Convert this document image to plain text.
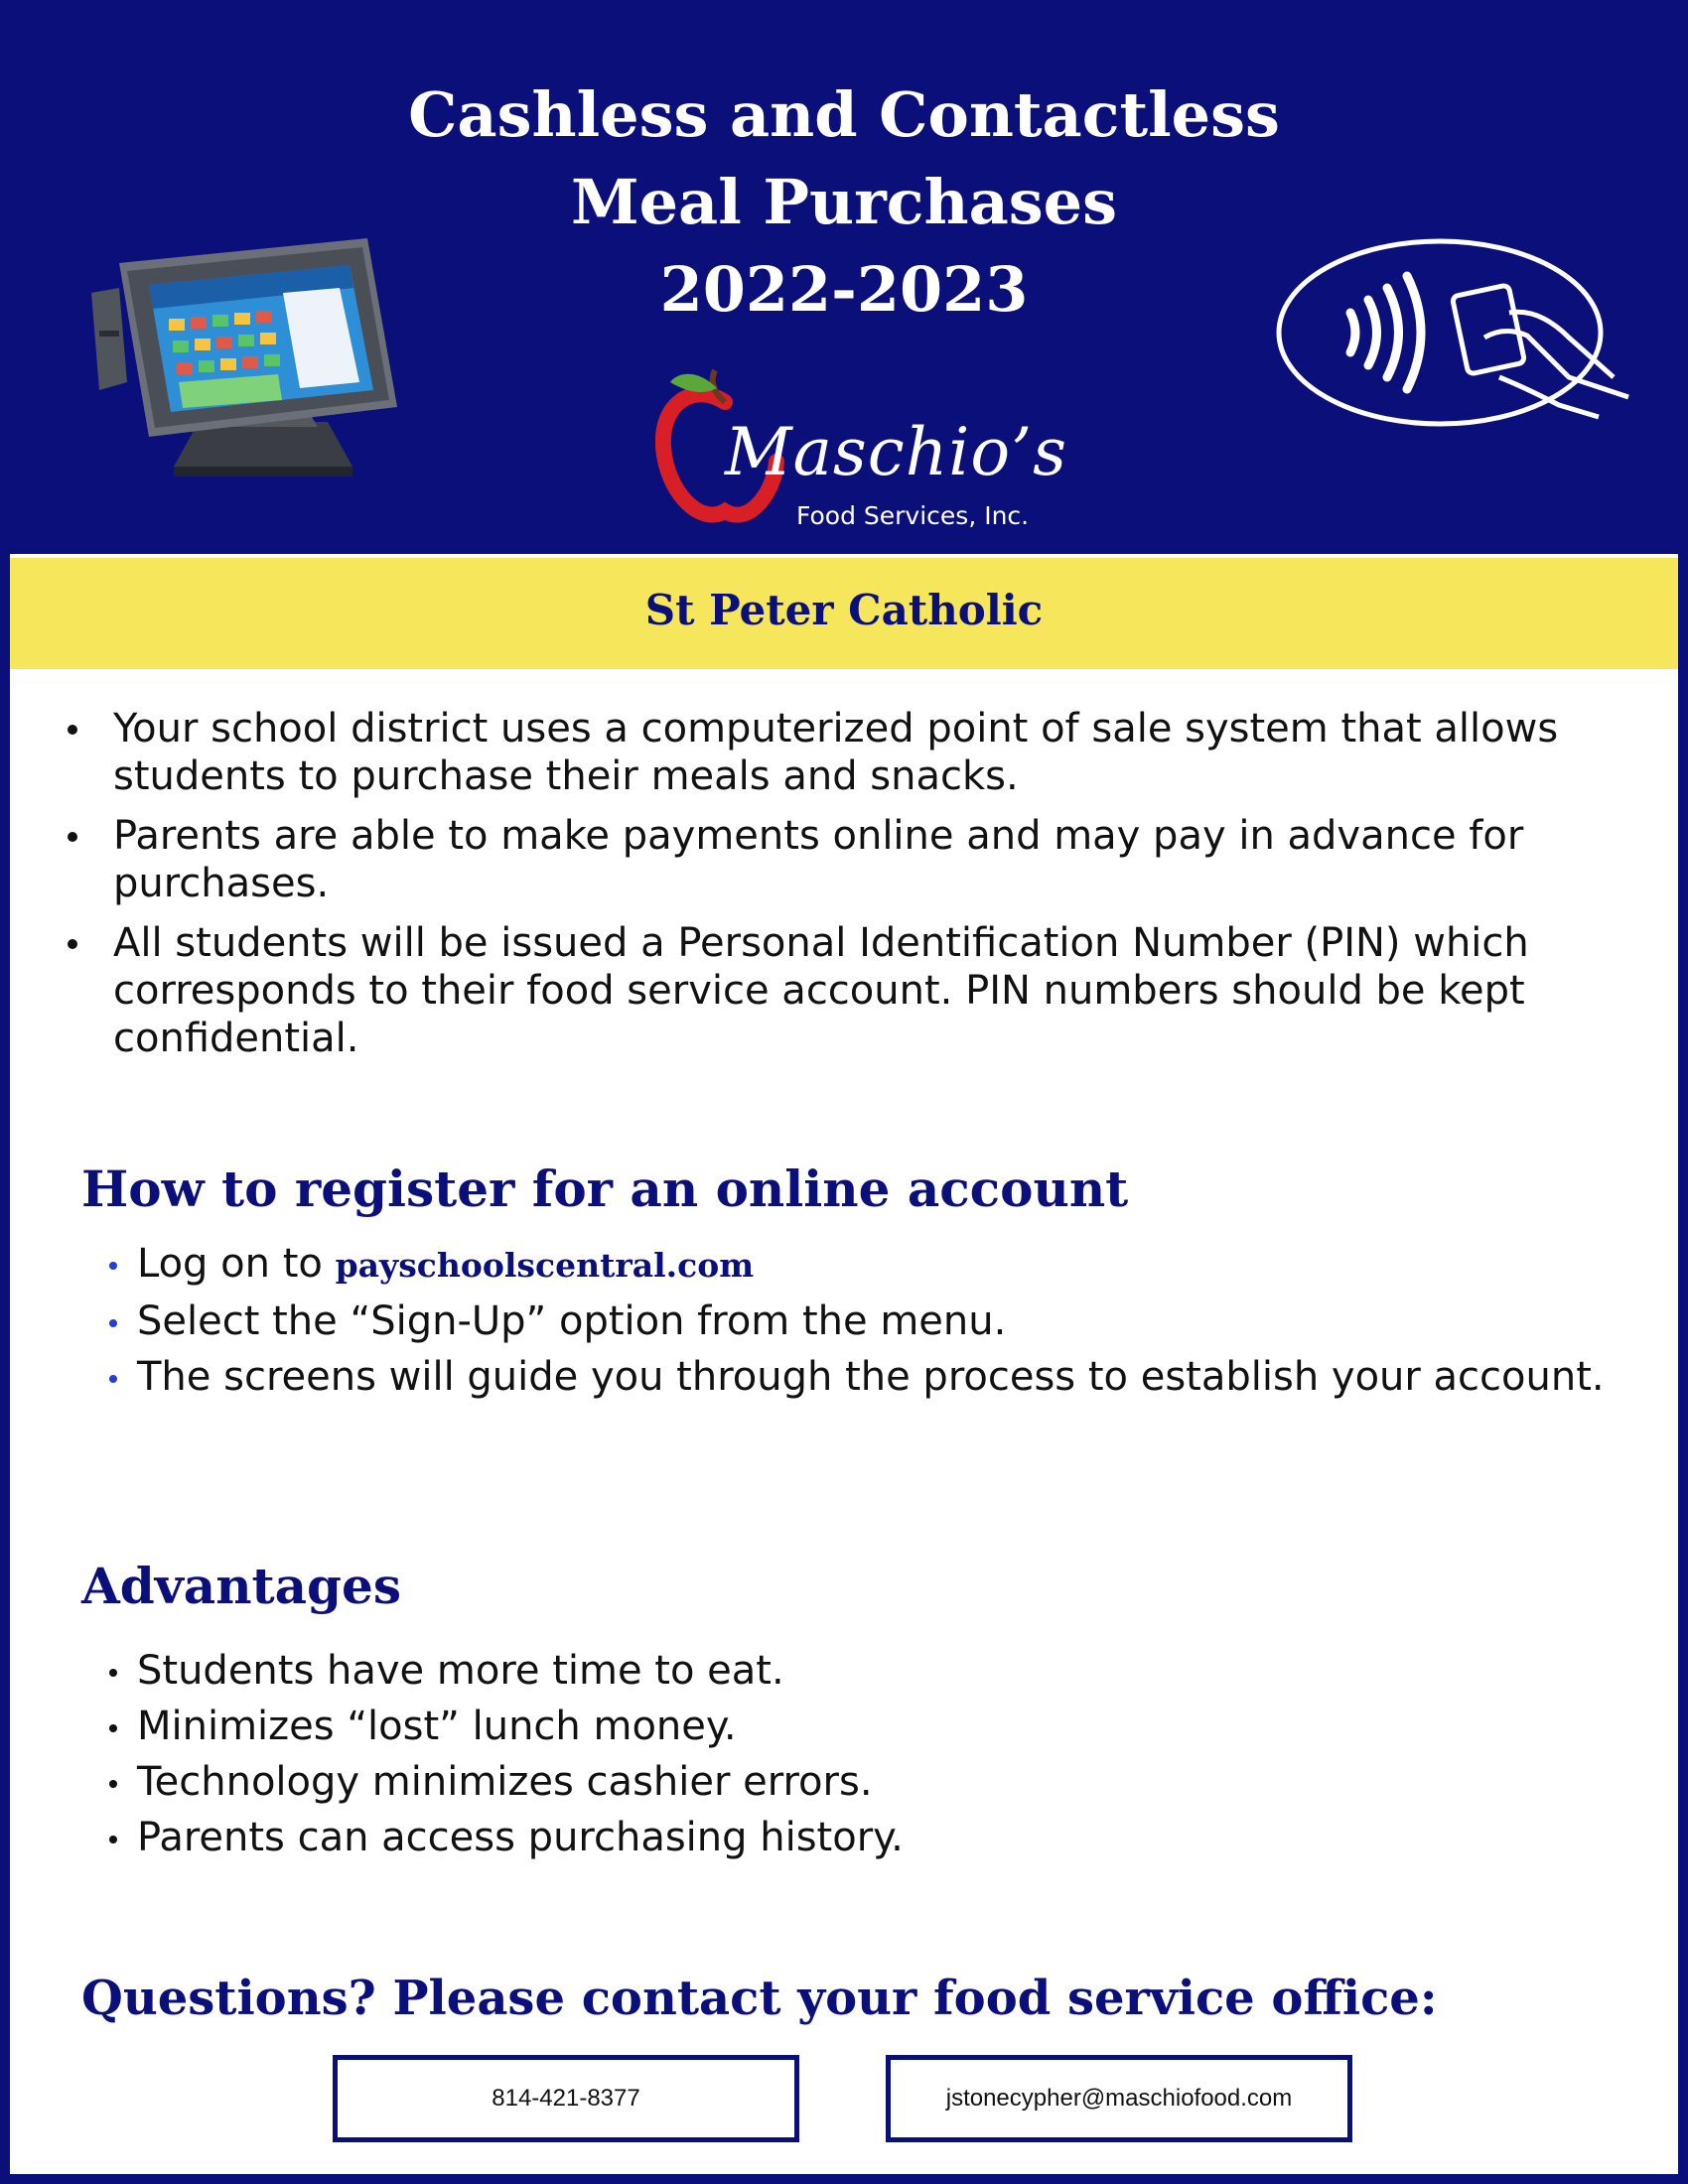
Cashless and Contactless
Meal Purchases
2022-2023
Maschio’s
Food Services, Inc.
St Peter Catholic
Your school district uses a computerized point of sale system that allows students to purchase their meals and snacks.
Parents are able to make payments online and may pay in advance for purchases.
All students will be issued a Personal Identification Number (PIN) which corresponds to their food service account. PIN numbers should be kept confidential.
How to register for an online account
Log on to payschoolscentral.com
Select the “Sign-Up” option from the menu.
The screens will guide you through the process to establish your account.
Advantages
Students have more time to eat.
Minimizes “lost” lunch money.
Technology minimizes cashier errors.
Parents can access purchasing history.
Questions? Please contact your food service office:
814-421-8377	jstonecypher@maschiofood.com
